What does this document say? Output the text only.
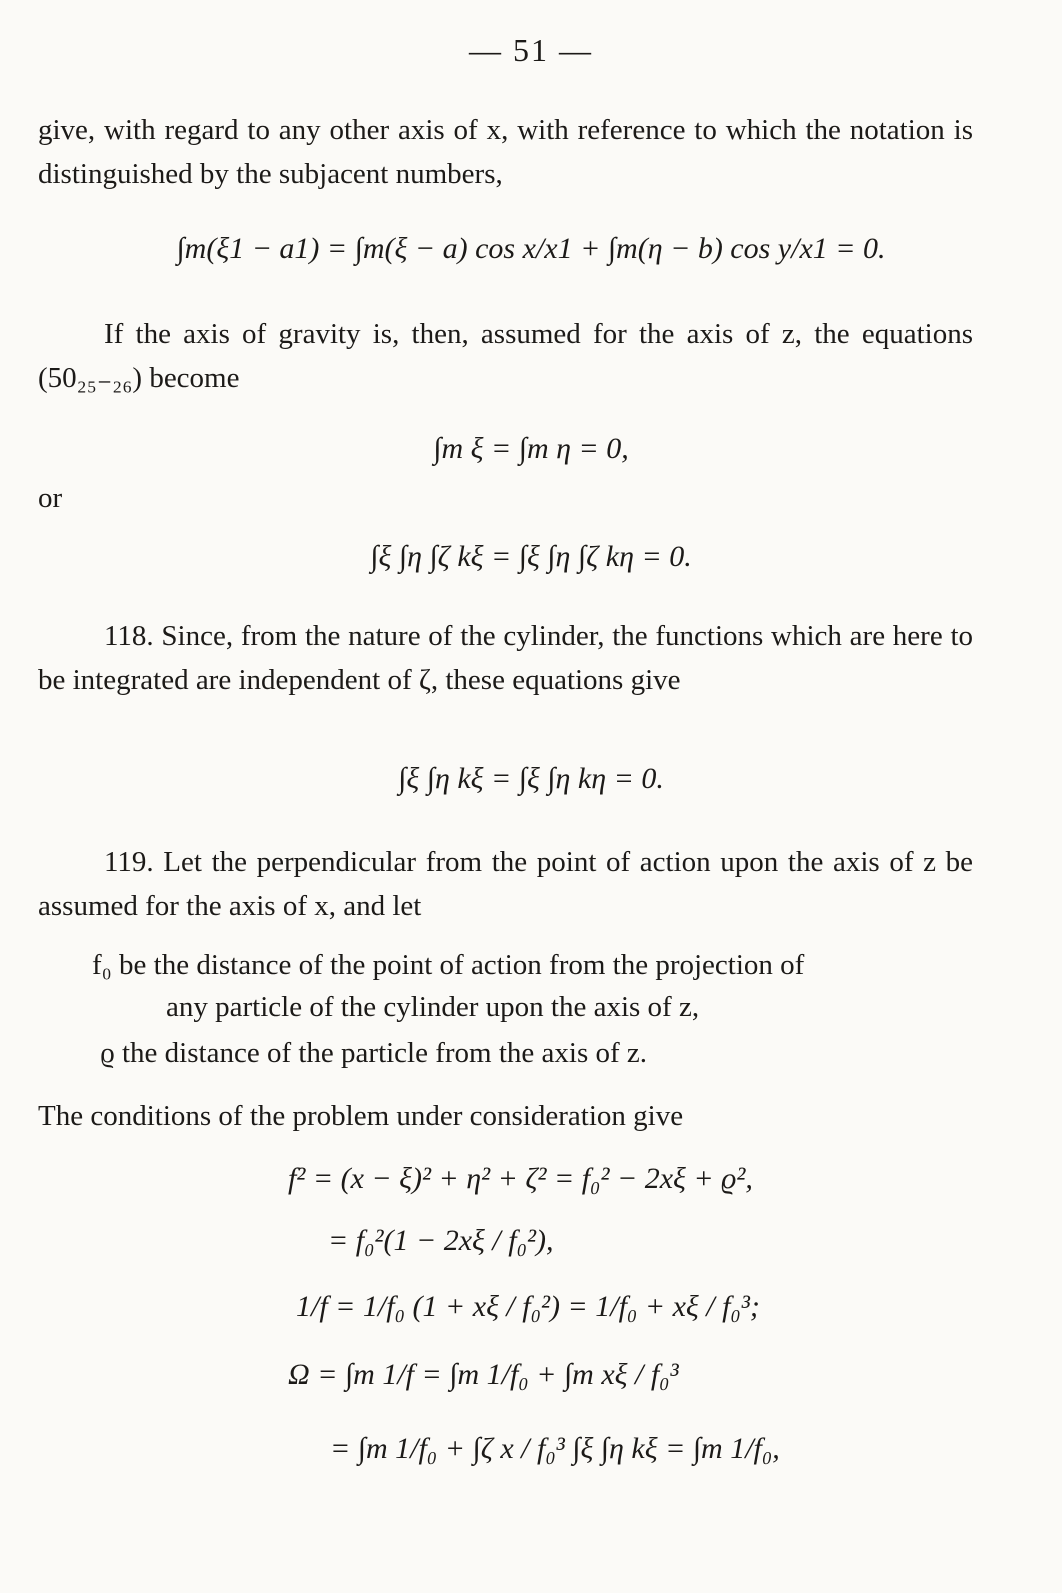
— 51 —
give, with regard to any other axis of x, with reference to which the notation is distinguished by the subjacent numbers,
∫m(ξ1 − a1) = ∫m(ξ − a) cos x/x1 + ∫m(η − b) cos y/x1 = 0.
If the axis of gravity is, then, assumed for the axis of z, the equations (50₂₅₋₂₆) become
∫m ξ = ∫m η = 0,
or
∫ξ ∫η ∫ζ kξ = ∫ξ ∫η ∫ζ kη = 0.
118. Since, from the nature of the cylinder, the functions which are here to be integrated are independent of ζ, these equations give
∫ξ ∫η kξ = ∫ξ ∫η kη = 0.
119. Let the perpendicular from the point of action upon the axis of z be assumed for the axis of x, and let
f₀ be the distance of the point of action from the projection of
any particle of the cylinder upon the axis of z,
ϱ the distance of the particle from the axis of z.
The conditions of the problem under consideration give
f² = (x − ξ)² + η² + ζ² = f₀² − 2xξ + ϱ²,
= f₀²(1 − 2xξ / f₀²),
1/f = 1/f₀ (1 + xξ / f₀²) = 1/f₀ + xξ / f₀³;
Ω = ∫m 1/f = ∫m 1/f₀ + ∫m xξ / f₀³
= ∫m 1/f₀ + ∫ζ x / f₀³ ∫ξ ∫η kξ = ∫m 1/f₀,
